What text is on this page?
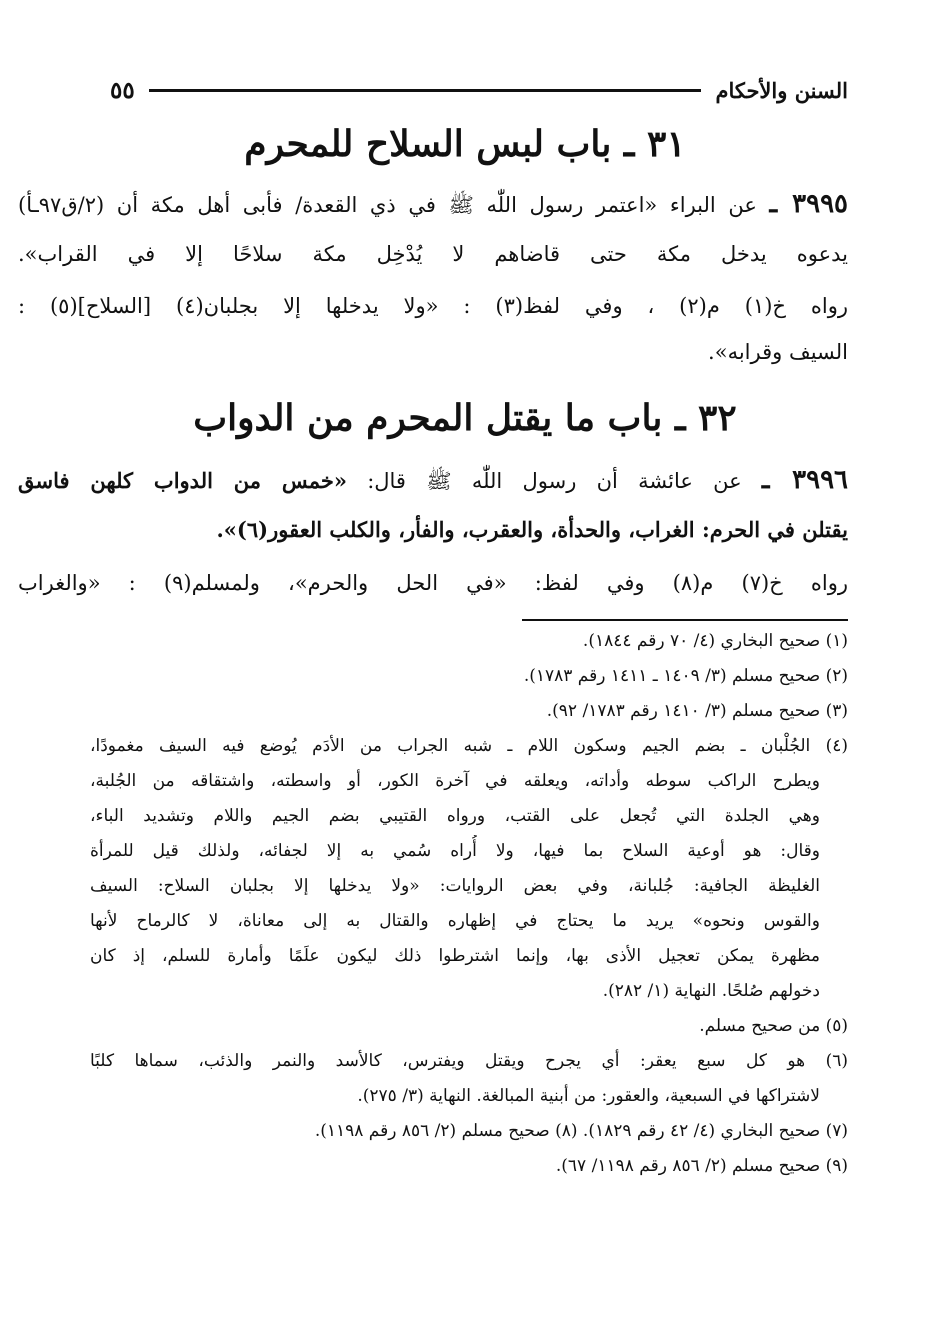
السنن والأحكام
٥٥
٣١ ـ باب لبس السلاح للمحرم
٣٩٩٥ ـ عن البراء «اعتمر رسول اللّٰه ﷺ في ذي القعدة/ فأبى أهل مكة أن (٢/ق٩٧ـأ)
يدعوه يدخل مكة حتى قاضاهم لا يُدْخِل مكة سلاحًا إلا في القراب».
رواه خ(١) م(٢) ، وفي لفظ(٣) : «ولا يدخلها إلا بجلبان(٤) [السلاح](٥) :
السيف وقرابه».
٣٢ ـ باب ما يقتل المحرم من الدواب
٣٩٩٦ ـ عن عائشة أن رسول اللّٰه ﷺ قال: «خمس من الدواب كلهن فاسق
يقتلن في الحرم: الغراب، والحدأة، والعقرب، والفأر، والكلب العقور(٦)».
رواه خ(٧) م(٨) وفي لفظ: «في الحل والحرم»، ولمسلم(٩) : «والغراب
(١) صحيح البخاري (٤/ ٧٠ رقم ١٨٤٤).
(٢) صحيح مسلم (٣/ ١٤٠٩ ـ ١٤١١ رقم ١٧٨٣).
(٣) صحيح مسلم (٣/ ١٤١٠ رقم ١٧٨٣/ ٩٢).
(٤) الجُلْبان ـ بضم الجيم وسكون اللام ـ شبه الجراب من الأدَم يُوضع فيه السيف مغمودًا،
ويطرح الراكب سوطه وأداته، ويعلقه في آخرة الكور، أو واسطته، واشتقاقه من الجُلبة،
وهي الجلدة التي تُجعل على القتب، ورواه القتيبي بضم الجيم واللام وتشديد الباء،
وقال: هو أوعية السلاح بما فيها، ولا أُراه سُمي به إلا لجفائه، ولذلك قيل للمرأة
الغليظة الجافية: جُلبانة، وفي بعض الروايات: «ولا يدخلها إلا بجلبان السلاح: السيف
والقوس ونحوه» يريد ما يحتاج في إظهاره والقتال به إلى معاناة، لا كالرماح لأنها
مظهرة يمكن تعجيل الأذى بها، وإنما اشترطوا ذلك ليكون علَمًا وأمارة للسلم، إذ كان
دخولهم صُلحًا. النهاية (١/ ٢٨٢).
(٥) من صحيح مسلم.
(٦) هو كل سبع يعقر: أي يجرح ويقتل ويفترس، كالأسد والنمر والذئب، سماها كلبًا
لاشتراكها في السبعية، والعقور: من أبنية المبالغة. النهاية (٣/ ٢٧٥).
(٧) صحيح البخاري (٤/ ٤٢ رقم ١٨٢٩). (٨) صحيح مسلم (٢/ ٨٥٦ رقم ١١٩٨).
(٩) صحيح مسلم (٢/ ٨٥٦ رقم ١١٩٨/ ٦٧).
